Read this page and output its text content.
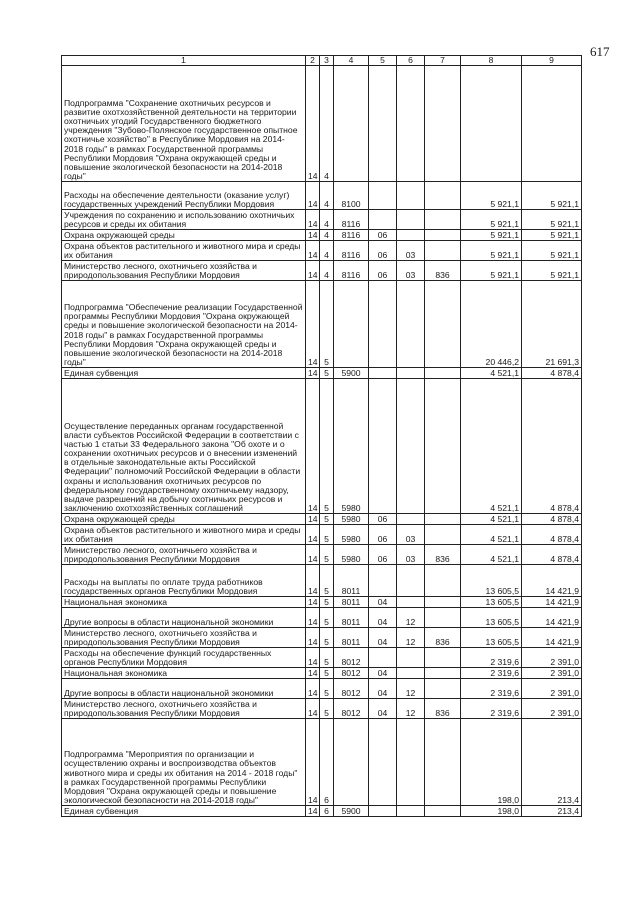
617
1	2	3	4	5	6	7	8	9
Подпрограмма "Сохранение охотничьих ресурсов и развитие охотхозяйственной деятельности на территории охотничьих угодий Государственного бюджетного учреждения "Зубово-Полянское государственное опытное охотничье хозяйство" в Республике Мордовия на 2014-2018 годы" в рамках Государственной программы Республики Мордовия "Охрана окружающей среды и повышение экологической безопасности на 2014-2018 годы"	14	4						
Расходы на обеспечение деятельности (оказание услуг) государственных учреждений Республики Мордовия	14	4	8100				5 921,1	5 921,1
Учреждения по сохранению и использованию охотничьих ресурсов и среды их обитания	14	4	8116				5 921,1	5 921,1
Охрана окружающей среды	14	4	8116	06			5 921,1	5 921,1
Охрана объектов растительного и животного мира и среды их обитания	14	4	8116	06	03		5 921,1	5 921,1
Министерство лесного, охотничьего хозяйства и природопользования Республики Мордовия	14	4	8116	06	03	836	5 921,1	5 921,1
Подпрограмма "Обеспечение реализации Государственной программы Республики Мордовия "Охрана окружающей среды и повышение экологической безопасности на 2014-2018 годы" в рамках Государственной программы Республики Мордовия "Охрана окружающей среды и повышение экологической безопасности на 2014-2018 годы"	14	5					20 446,2	21 691,3
Единая субвенция	14	5	5900				4 521,1	4 878,4
Осуществление переданных органам государственной власти субъектов Российской Федерации в соответствии с частью 1 статьи 33 Федерального закона "Об охоте и о сохранении охотничьих ресурсов и о внесении изменений в отдельные законодательные акты Российской Федерации" полномочий Российской Федерации в области охраны и использования охотничьих ресурсов по федеральному государственному охотничьему надзору, выдаче разрешений на добычу охотничьих ресурсов и заключению охотхозяйственных соглашений	14	5	5980				4 521,1	4 878,4
Охрана окружающей среды	14	5	5980	06			4 521,1	4 878,4
Охрана объектов растительного и животного мира и среды их обитания	14	5	5980	06	03		4 521,1	4 878,4
Министерство лесного, охотничьего хозяйства и природопользования Республики Мордовия	14	5	5980	06	03	836	4 521,1	4 878,4
Расходы на выплаты по оплате труда работников государственных органов Республики Мордовия	14	5	8011				13 605,5	14 421,9
Национальная экономика	14	5	8011	04			13 605,5	14 421,9
Другие вопросы в области национальной экономики	14	5	8011	04	12		13 605,5	14 421,9
Министерство лесного, охотничьего хозяйства и природопользования Республики Мордовия	14	5	8011	04	12	836	13 605,5	14 421,9
Расходы на обеспечение функций государственных органов Республики Мордовия	14	5	8012				2 319,6	2 391,0
Национальная экономика	14	5	8012	04			2 319,6	2 391,0
Другие вопросы в области национальной экономики	14	5	8012	04	12		2 319,6	2 391,0
Министерство лесного, охотничьего хозяйства и природопользования Республики Мордовия	14	5	8012	04	12	836	2 319,6	2 391,0
Подпрограмма "Мероприятия по организации и осуществлению охраны и воспроизводства объектов животного мира и среды их обитания на 2014 - 2018 годы" в рамках Государственной программы Республики Мордовия "Охрана окружающей среды и повышение экологической безопасности на 2014-2018 годы"	14	6					198,0	213,4
Единая субвенция	14	6	5900				198,0	213,4
